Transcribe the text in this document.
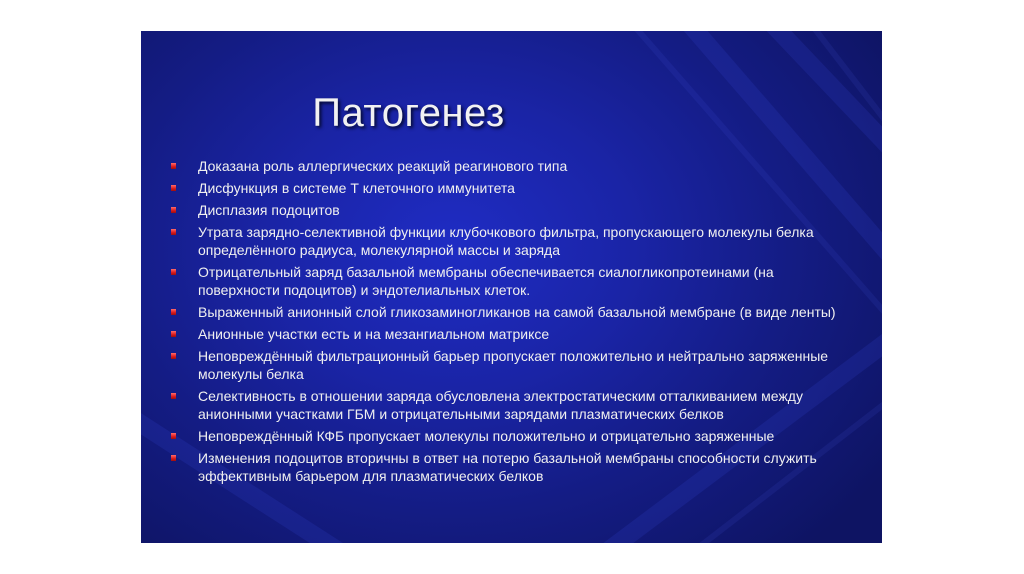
Патогенез
Доказана роль аллергических реакций реагинового типа
Дисфункция в системе Т клеточного иммунитета
Дисплазия подоцитов
Утрата зарядно-селективной функции клубочкового фильтра, пропускающего молекулы белка определённого радиуса, молекулярной массы и заряда
Отрицательный заряд базальной мембраны обеспечивается сиалогликопротеинами (на поверхности подоцитов) и эндотелиальных клеток.
Выраженный анионный слой гликозаминогликанов на самой базальной мембране (в виде ленты)
Анионные участки есть и на мезангиальном матриксе
Неповреждённый фильтрационный барьер пропускает положительно и нейтрально заряженные молекулы белка
Селективность в отношении заряда обусловлена электростатическим отталкиванием между анионными участками ГБМ и отрицательными зарядами плазматических белков
Неповреждённый КФБ пропускает молекулы положительно и отрицательно заряженные
Изменения подоцитов вторичны в ответ на потерю базальной мембраны способности служить эффективным барьером для плазматических белков
